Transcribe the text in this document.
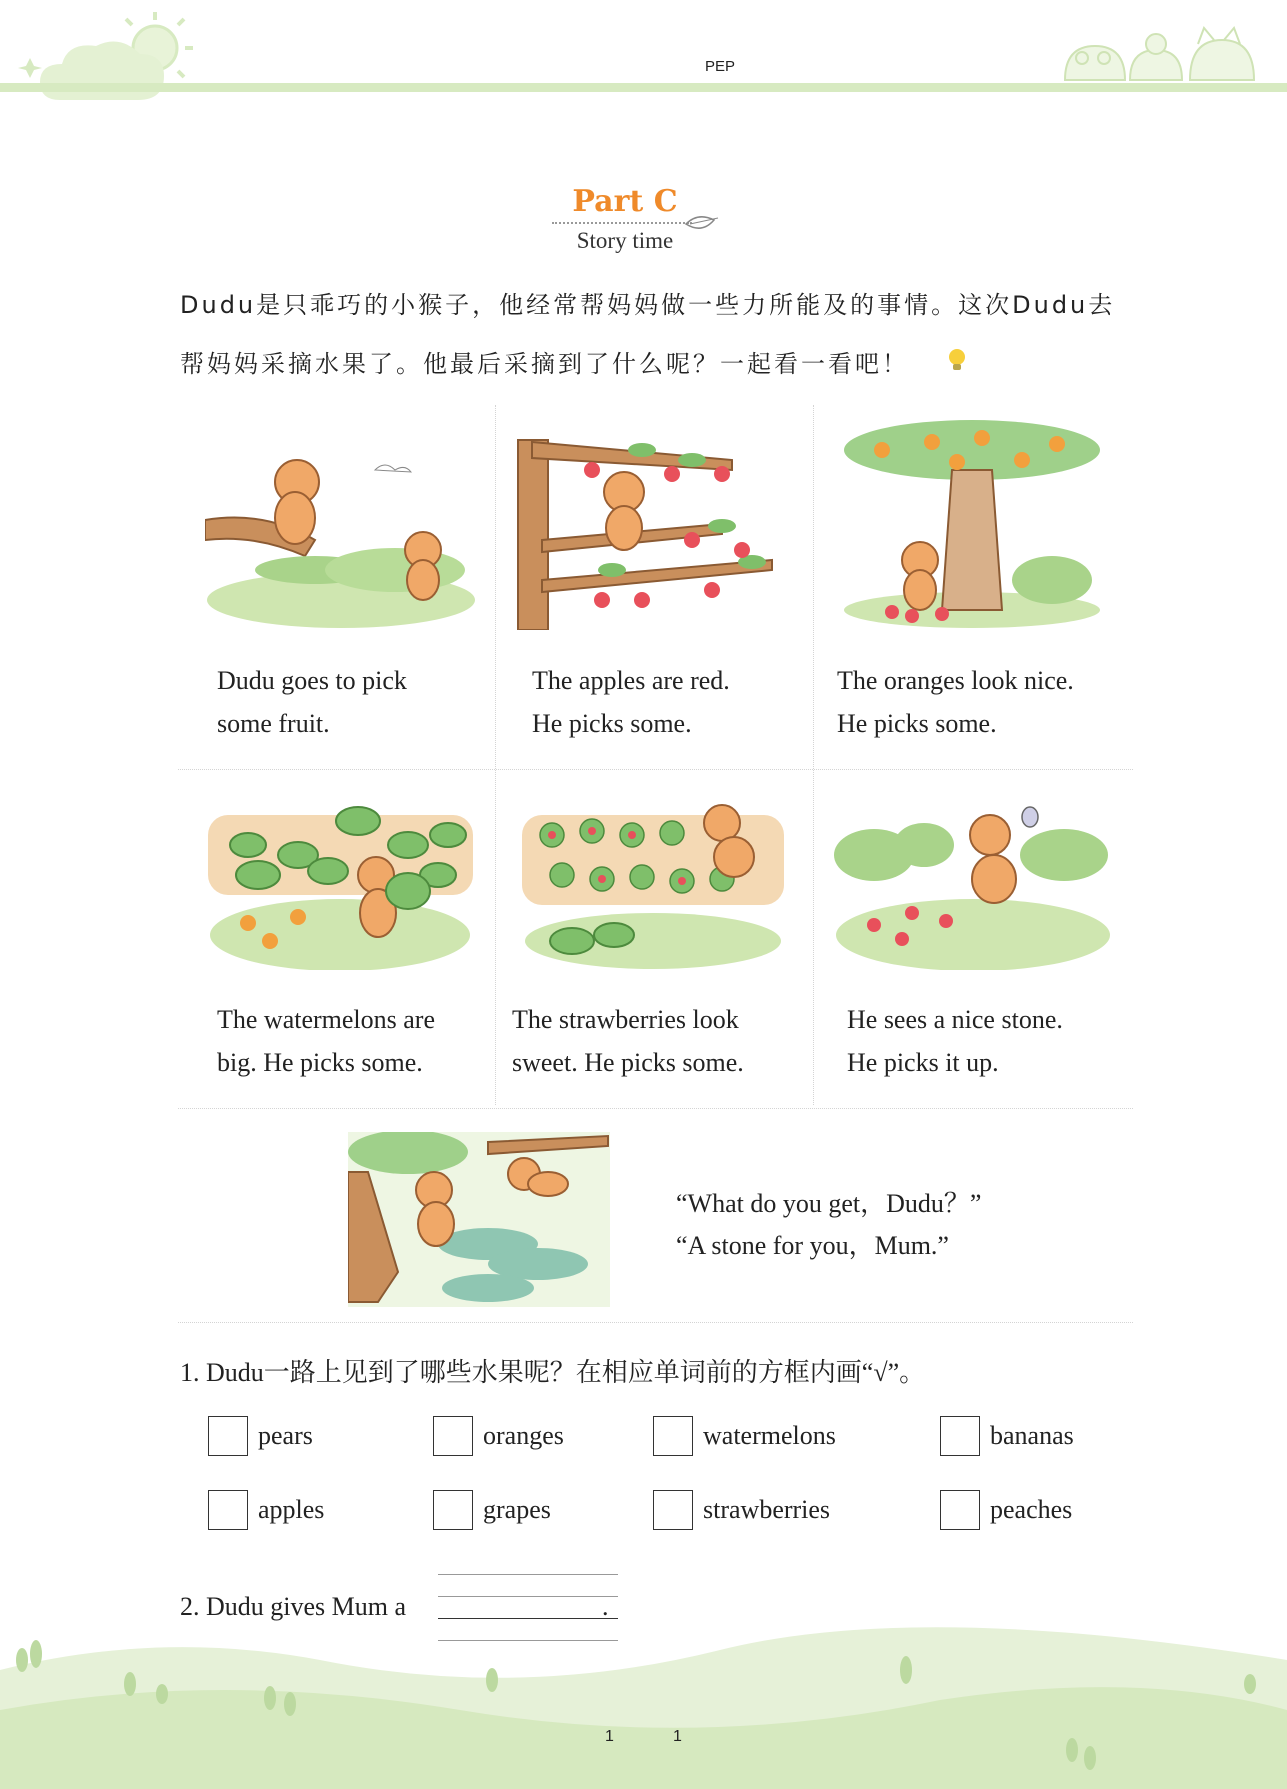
PEP
Part C
Story time
Dudu是只乖巧的小猴子，他经常帮妈妈做一些力所能及的事情。这次Dudu去
帮妈妈采摘水果了。他最后采摘到了什么呢？一起看一看吧！
Dudu goes to pick
some fruit.
The apples are red.
He picks some.
The oranges look nice.
He picks some.
The watermelons are
big. He picks some.
The strawberries look
sweet. He picks some.
He sees a nice stone.
He picks it up.
“What do you get，Dudu？”
“A stone for you，Mum.”
1. Dudu一路上见到了哪些水果呢？在相应单词前的方框内画“√”。
pears	oranges	watermelons	bananas
apples	grapes	strawberries	peaches
2. Dudu gives Mum a	.
1	1
